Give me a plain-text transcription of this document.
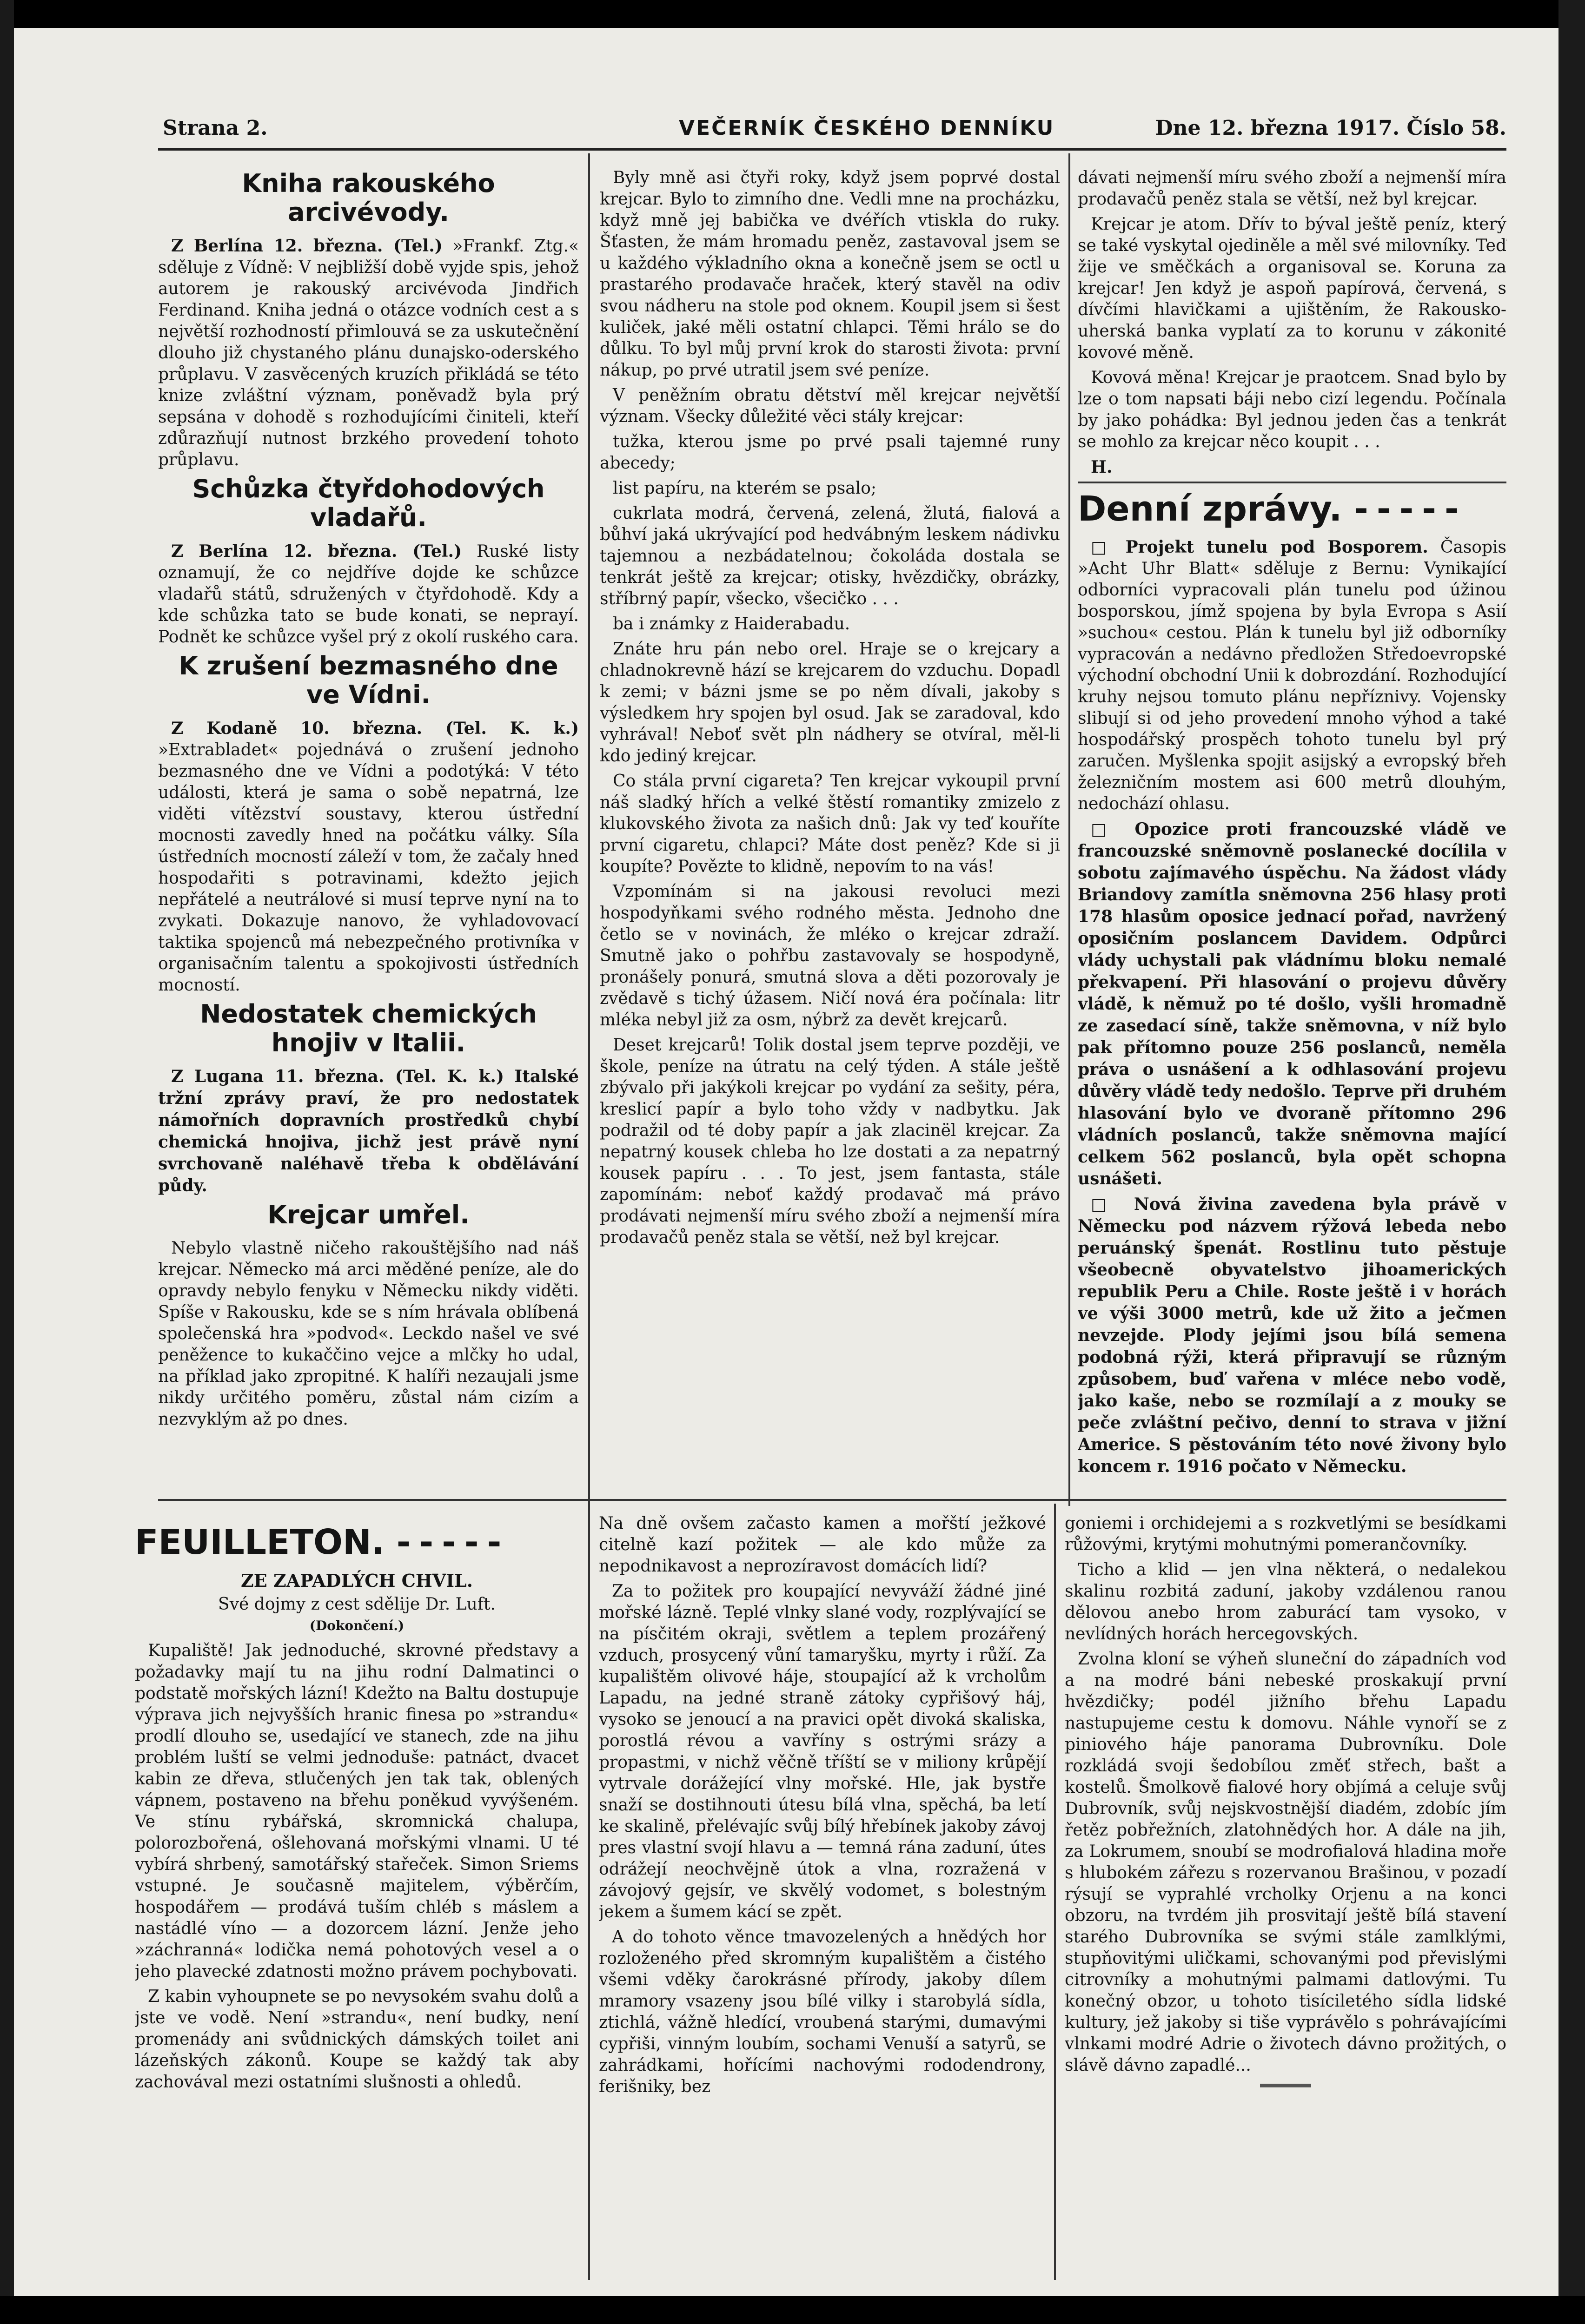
Strana 2.	VEČERNÍK ČESKÉHO DENNÍKU	Dne 12. března 1917. Číslo 58.
Kniha rakouského arcivévody.

Z Berlína 12. března. (Tel.) »Frankf. Ztg.« sděluje z Vídně: V nejbližší době vyjde spis, jehož autorem je rakouský arcivévoda Jindřich Ferdinand. Kniha jedná o otázce vodních cest a s největší rozhodností přimlouvá se za uskutečnění dlouho již chystaného plánu dunajsko-oderského průplavu. V zasvěcených kruzích přikládá se této knize zvláštní význam, poněvadž byla prý sepsána v dohodě s rozhodujícími činiteli, kteří zdůrazňují nutnost brzkého provedení tohoto průplavu.

Schůzka čtyřdohodových vladařů.

Z Berlína 12. března. (Tel.) Ruské listy oznamují, že co nejdříve dojde ke schůzce vladařů států, sdružených v čtyřdohodě. Kdy a kde schůzka tato se bude konati, se neprayí. Podnět ke schůzce vyšel prý z okolí ruského cara.

K zrušení bezmasného dne ve Vídni.

Z Kodaně 10. března. (Tel. K. k.) »Extrabladet« pojednává o zrušení jednoho bezmasného dne ve Vídni a podotýká: V této události, která je sama o sobě nepatrná, lze viděti vítězství soustavy, kterou ústřední mocnosti zavedly hned na počátku války. Síla ústředních mocností záleží v tom, že začaly hned hospodařiti s potravinami, kdežto jejich nepřátelé a neutrálové si musí teprve nyní na to zvykati. Dokazuje nanovo, že vyhladovovací taktika spojenců má nebezpečného protivníka v organisačním talentu a spokojivosti ústředních mocností.

Nedostatek chemických hnojiv v Italii.

Z Lugana 11. března. (Tel. K. k.) Italské tržní zprávy praví, že pro nedostatek námořních dopravních prostředků chybí chemická hnojiva, jichž jest právě nyní svrchovaně naléhavě třeba k obdělávání půdy.

Krejcar umřel.

Nebylo vlastně ničeho rakouštějšího nad náš krejcar. Německo má arci měděné peníze, ale do opravdy nebylo fenyku v Německu nikdy viděti. Spíše v Rakousku, kde se s ním hrávala oblíbená společenská hra »podvod«. Leckdo našel ve své peněžence to kukaččino vejce a mlčky ho udal, na příklad jako zpropitné. K halíři nezaujali jsme nikdy určitého poměru, zůstal nám cizím a nezvyklým až po dnes.

Byly mně asi čtyři roky, když jsem poprvé dostal krejcar. Bylo to zimního dne. Vedli mne na procházku, když mně jej babička ve dvéřích vtiskla do ruky. Šťasten, že mám hromadu peněz, zastavoval jsem se u každého výkladního okna a konečně jsem se octl u prastarého prodavače hraček, který stavěl na odiv svou nádheru na stole pod oknem. Koupil jsem si šest kuliček, jaké měli ostatní chlapci. Těmi hrálo se do důlku. To byl můj první krok do starosti života: první nákup, po prvé utratil jsem své peníze.

V peněžním obratu dětství měl krejcar největší význam. Všecky důležité věci stály krejcar:

tužka, kterou jsme po prvé psali tajemné runy abecedy;

list papíru, na kterém se psalo;

cukrlata modrá, červená, zelená, žlutá, fialová a bůhví jaká ukrývající pod hedvábným leskem nádivku tajemnou a nezbádatelnou; čokoláda dostala se tenkrát ještě za krejcar; otisky, hvězdičky, obrázky, stříbrný papír, všecko, všecičko . . .

ba i známky z Haiderabadu.

Znáte hru pán nebo orel. Hraje se o krejcary a chladnokrevně hází se krejcarem do vzduchu. Dopadl k zemi; v bázni jsme se po něm dívali, jakoby s výsledkem hry spojen byl osud. Jak se zaradoval, kdo vyhrával! Neboť svět pln nádhery se otvíral, měl-li kdo jediný krejcar.

Co stála první cigareta? Ten krejcar vykoupil první náš sladký hřích a velké štěstí romantiky zmizelo z klukovského života za našich dnů: Jak vy teď kouříte první cigaretu, chlapci? Máte dost peněz? Kde si ji koupíte? Povězte to klidně, nepovím to na vás!

Vzpomínám si na jakousi revoluci mezi hospodyňkami svého rodného města. Jednoho dne četlo se v novinách, že mléko o krejcar zdraží. Smutně jako o pohřbu zastavovaly se hospodyně, pronášely ponurá, smutná slova a děti pozorovaly je zvědavě s tichý úžasem. Ničí nová éra počínala: litr mléka nebyl již za osm, nýbrž za devět krejcarů.

Deset krejcarů! Tolik dostal jsem teprve později, ve škole, peníze na útratu na celý týden. A stále ještě zbývalo při jakýkoli krejcar po vydání za sešity, péra, kreslicí papír a bylo toho vždy v nadbytku. Jak podražil od té doby papír a jak zlacinël krejcar. Za nepatrný kousek chleba ho lze dostati a za nepatrný kousek papíru . . . To jest, jsem fantasta, stále zapomínám: neboť každý prodavač má právo prodávati nejmenší míru svého zboží a nejmenší míra prodavačů peněz stala se větší, než byl krejcar.

dávati nejmenší míru svého zboží a nejmenší míra prodavačů peněz stala se větší, než byl krejcar.

Krejcar je atom. Dřív to býval ještě peníz, který se také vyskytal ojediněle a měl své milovníky. Teď žije ve směčkách a organisoval se. Koruna za krejcar! Jen když je aspoň papírová, červená, s dívčími hlavičkami a ujištěním, že Rakousko-uherská banka vyplatí za to korunu v zákonité kovové měně.

Kovová měna! Krejcar je praotcem. Snad bylo by lze o tom napsati báji nebo cizí legendu. Počínala by jako pohádka: Byl jednou jeden čas a tenkrát se mohlo za krejcar něco koupit . . .

H.

Denní zprávy. -----

□ Projekt tunelu pod Bosporem. Časopis »Acht Uhr Blatt« sděluje z Bernu: Vynikající odborníci vypracovali plán tunelu pod úžinou bosporskou, jímž spojena by byla Evropa s Asií »suchou« cestou. Plán k tunelu byl již odborníky vypracován a nedávno předložen Středoevropské východní obchodní Unii k dobrozdání. Rozhodující kruhy nejsou tomuto plánu nepříznivy. Vojensky slibují si od jeho provedení mnoho výhod a také hospodářský prospěch tohoto tunelu byl prý zaručen. Myšlenka spojit asijský a evropský břeh železničním mostem asi 600 metrů dlouhým, nedochází ohlasu.

□ Opozice proti francouzské vládě ve francouzské sněmovně poslanecké docílila v sobotu zajímavého úspěchu. Na žádost vlády Briandovy zamítla sněmovna 256 hlasy proti 178 hlasům oposice jednací pořad, navržený oposičním poslancem Davidem. Odpůrci vlády uchystali pak vládnímu bloku nemalé překvapení. Při hlasování o projevu důvěry vládě, k němuž po té došlo, vyšli hromadně ze zasedací síně, takže sněmovna, v níž bylo pak přítomno pouze 256 poslanců, neměla práva o usnášení a k odhlasování projevu důvěry vládě tedy nedošlo. Teprve při druhém hlasování bylo ve dvoraně přítomno 296 vládních poslanců, takže sněmovna mající celkem 562 poslanců, byla opět schopna usnášeti.

□ Nová živina zavedena byla právě v Německu pod názvem rýžová lebeda nebo peruánský špenát. Rostlinu tuto pěstuje všeobecně obyvatelstvo jihoamerických republik Peru a Chile. Roste ještě i v horách ve výši 3000 metrů, kde už žito a ječmen nevzejde. Plody jejími jsou bílá semena podobná rýži, která připravují se různým způsobem, buď vařena v mléce nebo vodě, jako kaše, nebo se rozmílají a z mouky se peče zvláštní pečivo, denní to strava v jižní Americe. S pěstováním této nové živony bylo koncem r. 1916 počato v Německu.

FEUILLETON. -----
ZE ZAPADLÝCH CHVIL.
Své dojmy z cest sdělije Dr. Luft.
(Dokončení.)

Kupaliště! Jak jednoduché, skrovné představy a požadavky mají tu na jihu rodní Dalmatinci o podstatě mořských lázní! Kdežto na Baltu dostupuje výprava jich nejvyšších hranic finesa po »strandu« prodlí dlouho se, usedající ve stanech, zde na jihu problém luští se velmi jednoduše: patnáct, dvacet kabin ze dřeva, stlučených jen tak tak, oblených vápnem, postaveno na břehu poněkud vyvýšeném. Ve stínu rybářská, skromnická chalupa, polorozbořená, ošlehovaná mořskými vlnami. U té vybírá shrbený, samotářský stařeček. Simon Sriems vstupné. Je současně majitelem, výběrčím, hospodářem — prodává tuším chléb s máslem a nastádlé víno — a dozorcem lázní. Jenže jeho »záchranná« lodička nemá pohotových vesel a o jeho plavecké zdatnosti možno právem pochybovati.

Z kabin vyhoupnete se po nevysokém svahu dolů a jste ve vodě. Není »strandu«, není budky, není promenády ani svůdnických dámských toilet ani lázeňských zákonů. Koupe se každý tak aby zachovával mezi ostatními slušnosti a ohledů.

Na dně ovšem začasto kamen a mořští ježkové citelně kazí požitek — ale kdo může za nepodnikavost a neprozíravost domácích lidí?

Za to požitek pro koupající nevyváží žádné jiné mořské lázně. Teplé vlnky slané vody, rozplývající se na písčitém okraji, světlem a teplem prozářený vzduch, prosycený vůní tamaryšku, myrty i růží. Za kupalištěm olivové háje, stoupající až k vrcholům Lapadu, na jedné straně zátoky cypřišový háj, vysoko se jenoucí a na pravici opět divoká skaliska, porostlá révou a vavříny s ostrými srázy a propastmi, v nichž věčně tříští se v miliony krůpějí vytrvale dorážející vlny mořské. Hle, jak bystře snaží se dostihnouti útesu bílá vlna, spěchá, ba letí ke skalině, přelévajíc svůj bílý hřebínek jakoby závoj pres vlastní svojí hlavu a — temná rána zaduní, útes odrážejí neochvějně útok a vlna, rozražená v závojový gejsír, ve skvělý vodomet, s bolestným jekem a šumem kácí se zpět.

A do tohoto věnce tmavozelených a hnědých hor rozloženého před skromným kupalištěm a čistého všemi vděky čarokrásné přírody, jakoby dílem mramory vsazeny jsou bílé vilky i starobylá sídla, ztichlá, vážně hledící, vroubená starými, dumavými cypřiši, vinným loubím, sochami Venuší a satyrů, se zahrádkami, hořícími nachovými rododendrony, ferišniky, bez

goniemi i orchidejemi a s rozkvetlými se besídkami růžovými, krytými mohutnými pomerančovníky.

Ticho a klid — jen vlna některá, o nedalekou skalinu rozbitá zaduní, jakoby vzdálenou ranou dělovou anebo hrom zaburácí tam vysoko, v nevlídných horách hercegovských.

Zvolna kloní se výheň sluneční do západních vod a na modré báni nebeské proskakují první hvězdičky; podél jižního břehu Lapadu nastupujeme cestu k domovu. Náhle vynoří se z piniového háje panorama Dubrovníku. Dole rozkládá svoji šedobílou změť střech, bašt a kostelů. Šmolkově fialové hory objímá a celuje svůj Dubrovník, svůj nejskvostnější diadém, zdobíc jím řetěz pobřežních, zlatohnědých hor. A dále na jih, za Lokrumem, snoubí se modrofialová hladina moře s hlubokém zářezu s rozervanou Brašinou, v pozadí rýsují se vyprahlé vrcholky Orjenu a na konci obzoru, na tvrdém jih prosvitají ještě bílá stavení starého Dubrovníka se svými stále zamlklými, stupňovitými uličkami, schovanými pod převislými citrovníky a mohutnými palmami datlovými. Tu konečný obzor, u tohoto tisíciletého sídla lidské kultury, jež jakoby si tiše vyprávělo s pohrávajícími vlnkami modré Adrie o životech dávno prožitých, o slávě dávno zapadlé...
